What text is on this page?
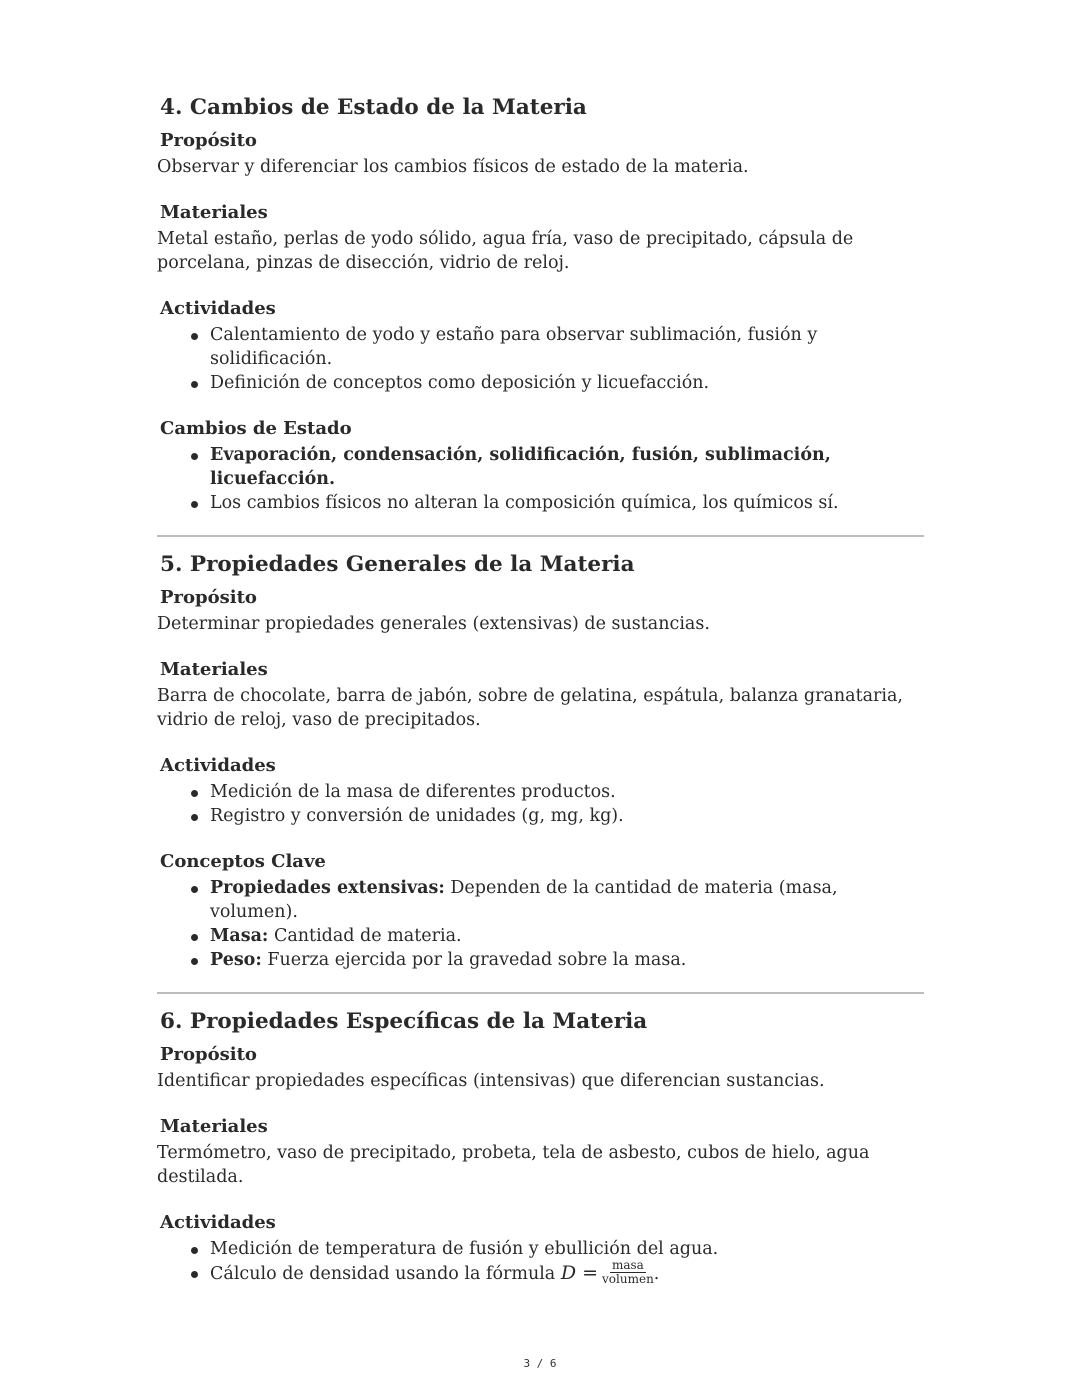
4. Cambios de Estado de la Materia
Propósito

Observar y diferenciar los cambios físicos de estado de la materia.

Materiales

Metal estaño, perlas de yodo sólido, agua fría, vaso de precipitado, cápsula de porcelana, pinzas de disección, vidrio de reloj.

Actividades
Calentamiento de yodo y estaño para observar sublimación, fusión y solidificación.
Definición de conceptos como deposición y licuefacción.
Cambios de Estado
Evaporación, condensación, solidificación, fusión, sublimación, licuefacción.
Los cambios físicos no alteran la composición química, los químicos sí.
5. Propiedades Generales de la Materia
Propósito

Determinar propiedades generales (extensivas) de sustancias.

Materiales

Barra de chocolate, barra de jabón, sobre de gelatina, espátula, balanza granataria, vidrio de reloj, vaso de precipitados.

Actividades
Medición de la masa de diferentes productos.
Registro y conversión de unidades (g, mg, kg).
Conceptos Clave
Propiedades extensivas: Dependen de la cantidad de materia (masa, volumen).
Masa: Cantidad de materia.
Peso: Fuerza ejercida por la gravedad sobre la masa.
6. Propiedades Específicas de la Materia
Propósito

Identificar propiedades específicas (intensivas) que diferencian sustancias.

Materiales

Termómetro, vaso de precipitado, probeta, tela de asbesto, cubos de hielo, agua destilada.

Actividades
Medición de temperatura de fusión y ebullición del agua.
Cálculo de densidad usando la fórmula $D = \frac{\text{masa}}{\text{volumen}}$ .
3 / 6
